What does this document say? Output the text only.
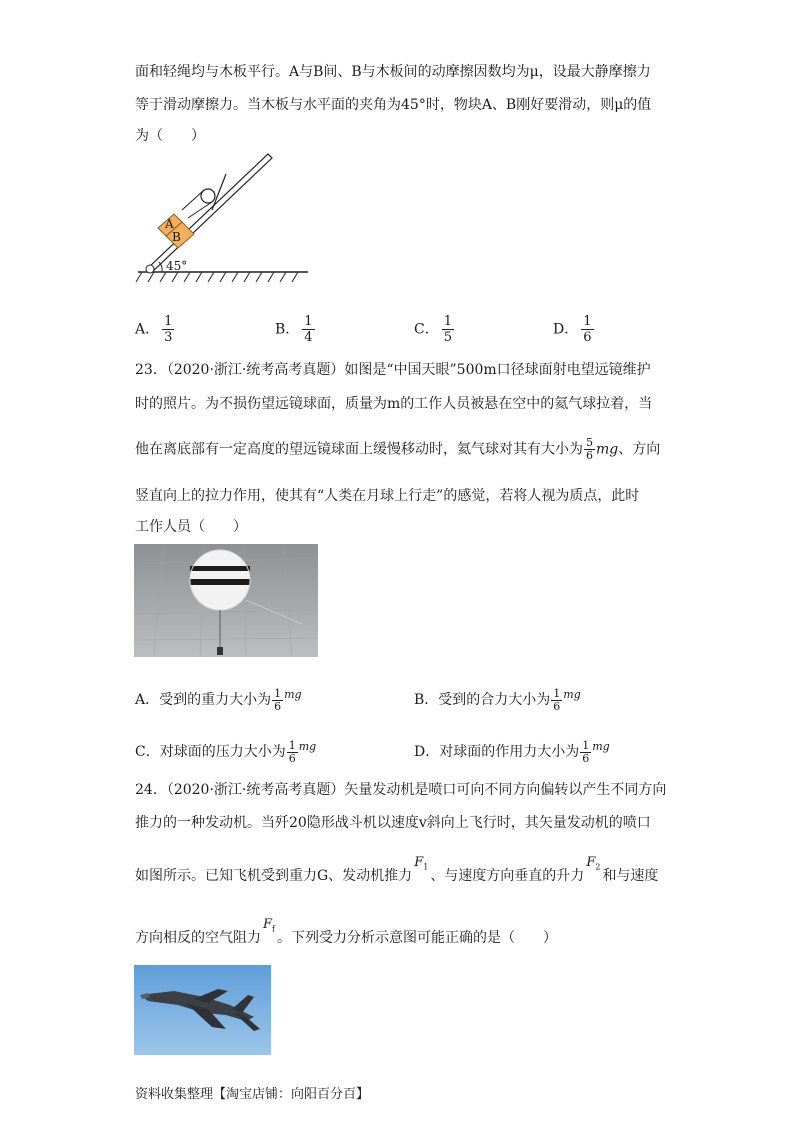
面和轻绳均与木板平行。A与B间、B与木板间的动摩擦因数均为μ，设最大静摩擦力
等于滑动摩擦力。当木板与水平面的夹角为45°时，物块A、B刚好要滑动，则μ的值
为（　　）
A
B
45°
A． $\frac{1}{3}$	B． $\frac{1}{4}$	C． $\frac{1}{5}$	D． $\frac{1}{6}$
23．（2020·浙江·统考高考真题）如图是“中国天眼”500m口径球面射电望远镜维护
时的照片。为不损伤望远镜球面，质量为m的工作人员被悬在空中的氦气球拉着，当
他在离底部有一定高度的望远镜球面上缓慢移动时，氦气球对其有大小为 $\frac{5}{6}$ mg、方向
竖直向上的拉力作用，使其有“人类在月球上行走”的感觉，若将人视为质点，此时
工作人员（　　）
A．受到的重力大小为 $\frac{1}{6} ^{mg}$	B．受到的合力大小为 $\frac{1}{6} ^{mg}$
C．对球面的压力大小为 $\frac{1}{6} ^{mg}$	D．对球面的作用力大小为 $\frac{1}{6} ^{mg}$
24．（2020·浙江·统考高考真题）矢量发动机是喷口可向不同方向偏转以产生不同方向
推力的一种发动机。当歼20隐形战斗机以速度v斜向上飞行时，其矢量发动机的喷口
如图所示。已知飞机受到重力G、发动机推力$F_1$、与速度方向垂直的升力$F_2$和与速度
方向相反的空气阻力$F_f$。下列受力分析示意图可能正确的是（　　）
资料收集整理【淘宝店铺：向阳百分百】
